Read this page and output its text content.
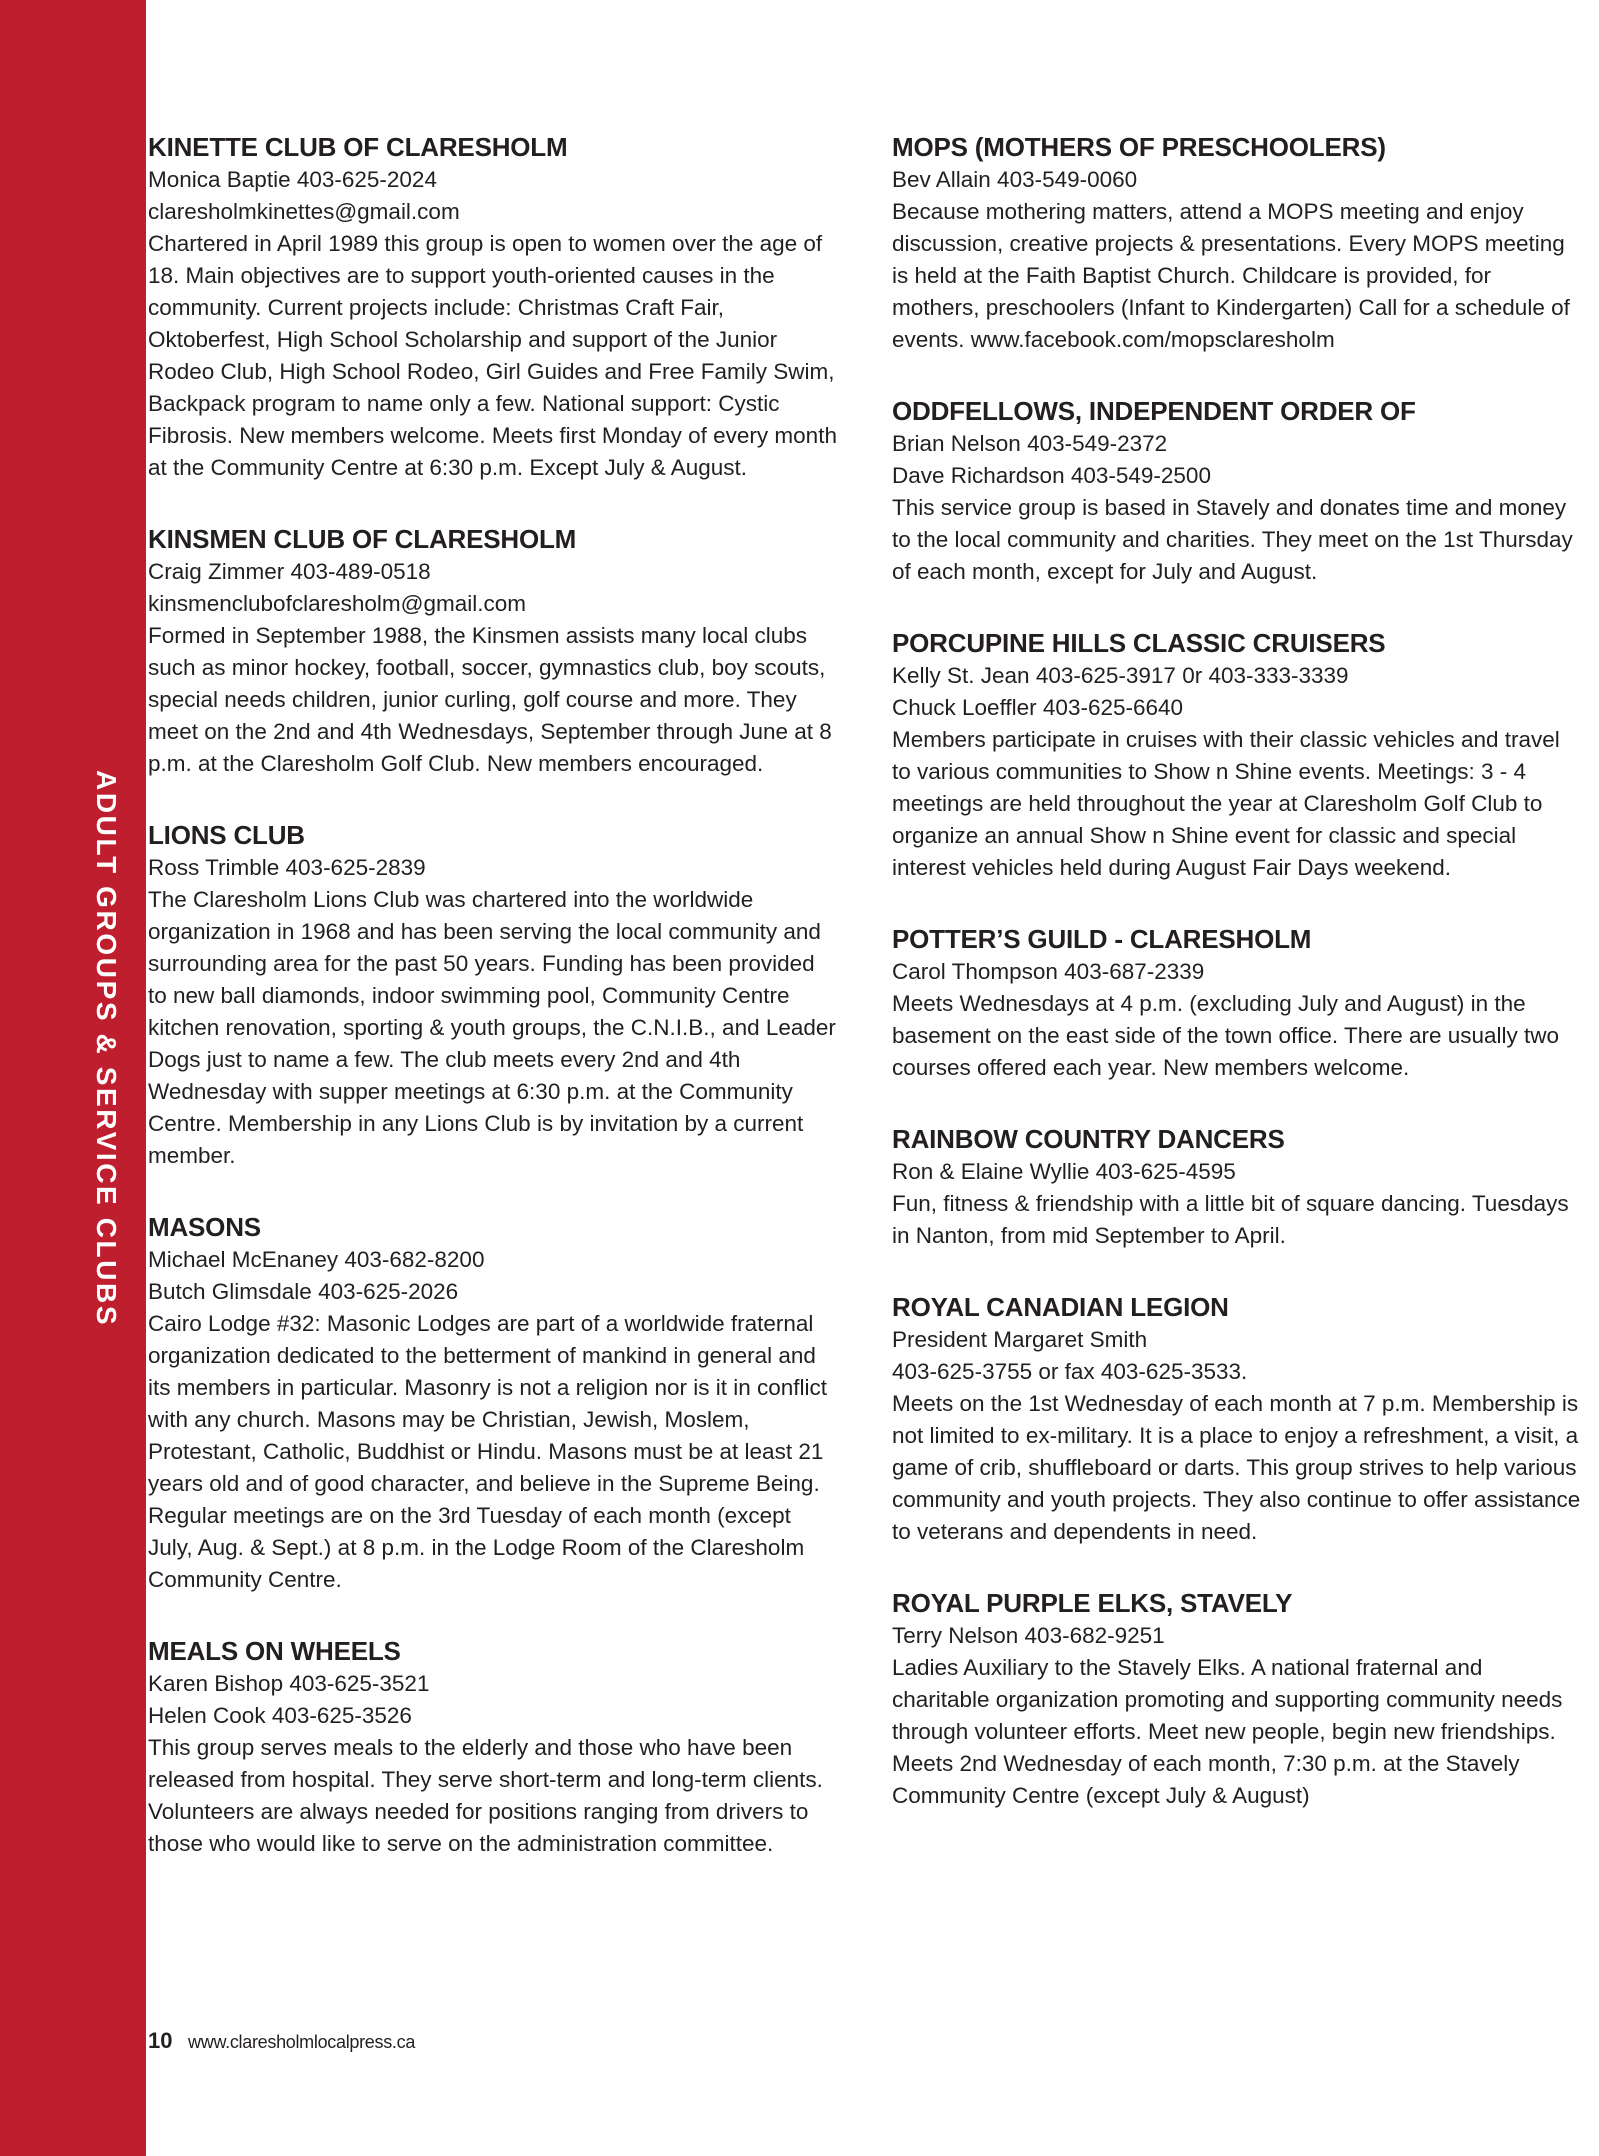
ADULT GROUPS & SERVICE CLUBS

KINETTE CLUB OF CLARESHOLM

Monica Baptie 403-625-2024

claresholmkinettes@gmail.com

Chartered in April 1989 this group is open to women over the age of 18. Main objectives are to support youth-oriented causes in the community. Current projects include: Christmas Craft Fair, Oktoberfest, High School Scholarship and support of the Junior Rodeo Club, High School Rodeo, Girl Guides and Free Family Swim, Backpack program to name only a few. National support: Cystic Fibrosis. New members welcome. Meets first Monday of every month at the Community Centre at 6:30 p.m. Except July & August.

KINSMEN CLUB OF CLARESHOLM

Craig Zimmer 403-489-0518

kinsmenclubofclaresholm@gmail.com

Formed in September 1988, the Kinsmen assists many local clubs such as minor hockey, football, soccer, gymnastics club, boy scouts, special needs children, junior curling, golf course and more. They meet on the 2nd and 4th Wednesdays, September through June at 8 p.m. at the Claresholm Golf Club. New members encouraged.

LIONS CLUB

Ross Trimble 403-625-2839

The Claresholm Lions Club was chartered into the worldwide organization in 1968 and has been serving the local community and surrounding area for the past 50 years. Funding has been provided to new ball diamonds, indoor swimming pool, Community Centre kitchen renovation, sporting & youth groups, the C.N.I.B., and Leader Dogs just to name a few. The club meets every 2nd and 4th Wednesday with supper meetings at 6:30 p.m. at the Community Centre. Membership in any Lions Club is by invitation by a current member.

MASONS

Michael McEnaney 403-682-8200

Butch Glimsdale 403-625-2026

Cairo Lodge #32: Masonic Lodges are part of a worldwide fraternal organization dedicated to the betterment of mankind in general and its members in particular. Masonry is not a religion nor is it in conflict with any church. Masons may be Christian, Jewish, Moslem, Protestant, Catholic, Buddhist or Hindu. Masons must be at least 21 years old and of good character, and believe in the Supreme Being. Regular meetings are on the 3rd Tuesday of each month (except July, Aug. & Sept.) at 8 p.m. in the Lodge Room of the Claresholm Community Centre.

MEALS ON WHEELS

Karen Bishop 403-625-3521

Helen Cook 403-625-3526

This group serves meals to the elderly and those who have been released from hospital. They serve short-term and long-term clients. Volunteers are always needed for positions ranging from drivers to those who would like to serve on the administration committee.

MOPS (MOTHERS OF PRESCHOOLERS)

Bev Allain 403-549-0060

Because mothering matters, attend a MOPS meeting and enjoy discussion, creative projects & presentations. Every MOPS meeting is held at the Faith Baptist Church. Childcare is provided, for mothers, preschoolers (Infant to Kindergarten) Call for a schedule of events. www.facebook.com/mopsclaresholm

ODDFELLOWS, INDEPENDENT ORDER OF

Brian Nelson 403-549-2372

Dave Richardson 403-549-2500

This service group is based in Stavely and donates time and money to the local community and charities. They meet on the 1st Thursday of each month, except for July and August.

PORCUPINE HILLS CLASSIC CRUISERS

Kelly St. Jean 403-625-3917 0r 403-333-3339

Chuck Loeffler 403-625-6640

Members participate in cruises with their classic vehicles and travel to various communities to Show n Shine events. Meetings: 3 - 4 meetings are held throughout the year at Claresholm Golf Club to organize an annual Show n Shine event for classic and special interest vehicles held during August Fair Days weekend.

POTTER’S GUILD - CLARESHOLM

Carol Thompson 403-687-2339

Meets Wednesdays at 4 p.m. (excluding July and August) in the basement on the east side of the town office. There are usually two courses offered each year. New members welcome.

RAINBOW COUNTRY DANCERS

Ron & Elaine Wyllie 403-625-4595

Fun, fitness & friendship with a little bit of square dancing. Tuesdays in Nanton, from mid September to April.

ROYAL CANADIAN LEGION

President Margaret Smith

403-625-3755 or fax 403-625-3533.

Meets on the 1st Wednesday of each month at 7 p.m. Membership is not limited to ex-military. It is a place to enjoy a refreshment, a visit, a game of crib, shuffleboard or darts. This group strives to help various community and youth projects. They also continue to offer assistance to veterans and dependents in need.

ROYAL PURPLE ELKS, STAVELY

Terry Nelson 403-682-9251

Ladies Auxiliary to the Stavely Elks. A national fraternal and charitable organization promoting and supporting community needs through volunteer efforts. Meet new people, begin new friendships. Meets 2nd Wednesday of each month, 7:30 p.m. at the Stavely Community Centre (except July & August)

10 www.claresholmlocalpress.ca
